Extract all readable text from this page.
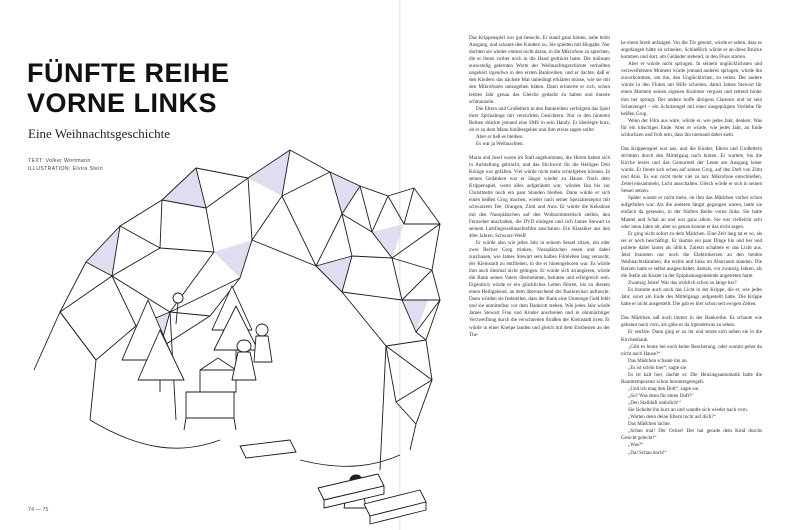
FÜNFTE REIHE
VORNE LINKS

Eine Weihnachtsgeschichte

TEXT: Volker Wortmann
ILLUSTRATION: Elvira Stein

Das Krippenspiel war gut besucht. Er stand ganz hinten, nahe beim Ausgang, und schaute den Kindern zu. Sie spielten mit Hingabe. Nur dachten sie wieder einmal nicht daran, in die Mikrofone zu sprechen, die er ihnen vorher noch in die Hand gedrückt hatte. Die mühsam auswendig gelernten Worte der Weihnachtsgeschichte verhallten ungehört irgendwo in den ersten Bankreihen, und er dachte, daß er den Kindern das nächste Mal unbedingt erklären müsse, wie sie mit den Mikrofonen umzugehen hätten. Dann erinnerte er sich, schon letztes Jahr genau das Gleiche gedacht zu haben und musste schmunzeln.

Die Eltern und Großeltern in den Bankreihen verfolgten das Spiel ihrer Sprösslinge mit verzückten Gesichtern. Nur in den hinteren Reihen drückte jemand eine SMS in sein Handy. Er überlegte kurz, ob er zu dem Mann hinübergehen und ihm etwas sagen sollte.

Aber er ließ es bleiben.

Es war ja Weihnachten.

Maria und Josef waren im Stall angekommen, die Hirten hatten sich in Aufstellung gebracht, und das Stichwort für die Heiligen Drei Könige war gefallen. Viel würde nicht mehr schiefgehen können. In seinen Gedanken war er längst wieder zu Hause. Nach dem Krippenspiel, wenn alles aufgeräumt war, würden Ilsa bis zur Christmette noch ein paar Stunden bleiben. Dann würde er sich einen heißen Grog machen, wieder nach seiner Spezialrezeptur mit schwarzem Tee, Orangen, Zimt und Anis. Er würde die Keksdose mit den Nussplätzchen auf den Wohnzimmertisch stellen, den Fernseher anschalten, die DVD einlegen und sich James Stewart in seinem Lieblingsweihnachtsfilm anschauen. Ein Klassiker aus den 40er Jahren. Schwarz-Weiß!

Er würde also wie jedes Jahr in seinem Sessel sitzen, ein oder zwei Becher Grog trinken, Nussplätzchen essen und dabei zuschauen, wie James Stewart sein halbes Filmleben lang versucht, der Kleinstadt zu entfliehen, in die er hineingeboren war. Es würde ihm auch diesmal nicht gelingen. Er würde sich arrangieren, würde die Bank seines Vaters übernehmen, heiraten und erfolgreich sein. Eigentlich würde er ein glückliches Leben führen, bis zu diesem einen Heiligabend, an dem überraschend der Bankrevisor auftaucht. Dann würden sie feststellen, dass der Bank eine Unmenge Geld fehlt und sie unmittelbar vor dem Bankrott stehen. Wie jedes Jahr würde James Stewart Frau und Kinder anschreien und in ohnmächtiger Verzweiflung durch die verschneiten Straßen der Kleinstadt irren. Er würde in einer Kneipe landen und gleich mit dem Erstbesten an der The-

ke einen Streit anfangen. Vor die Tür gesetzt, würde er sehen, dass es angefangen hätte zu schneien. Schließlich würde er an diese Brücke kommen und dort, am Geländer stehend, in den Fluss starren.

Aber er würde nicht springen. In seinem unglücklichsten und verzweifeltsten Moment würde jemand anderes springen, würde ihn zuvorkommen, um ihn, den Unglücklichen, zu retten. Der andere würde in den Fluten um Hilfe schreien, damit James Stewart für einen Moment seinen eigenen Kummer vergisst und rettend hinter ihm her springt. Der andere hoffe übrigens Clarence und ist sein Schutzengel – ein Schutzengel mit einer ausgeprägten Vorliebe für heißen Grog.

Wenn der Film aus wäre, würde er, wie jedes Jahr, denken: Was für ein kitschiges Ende. Aber er würde, wie jedes Jahr, an Ende schluchzen und froh sein, dass ihn niemand dabei sieht.

Das Krippenspiel war aus, und die Kinder, Eltern und Großeltern strömten durch den Mittelgang nach hinten. Er wartete, bis die Kirche leerer und das Gemurmel der Leute am Ausgang leiser wurde. Er freute sich schon auf seinen Grog, auf den Duft von Zimt und Anis. Es war nicht mehr viel zu tun: Mikrofone einschließen, Zettel einsammeln, Licht ausschalten. Gleich würde er sich in seinen Sessel setzen.

Später wusste er nicht mehr, ob ihm das Mädchen vorher schon aufgefallen war. Als die anderen längst gegangen waren, hatte sie einfach da gesessen, in der fünften Reihe vorne links. Sie hatte Mantel und Schal an und war ganz allein. Sie war vielleicht acht oder neun Jahre alt, aber so genau konnte er das nicht sagen.

Er ging nicht sofort zu dem Mädchen. Eine Zeit lang tat er so, als sei er noch beschäftigt. Er räumte ein paar Dinge hin und her und polierte dabei lauter als üblich. Zuletzt schaltete er das Licht aus. Jetzt brannten nur noch die Elektrokerzen an den beiden Weihnachtsbäumen, die rechts und links im Altarraum standen. Die Kerzen hatte er selbst ausgeschaltet, damals, vor zwanzig Jahren, als die Stelle als Küster in der Epiphaniasgemeinde angetreten hatte.

Zwanzig Jahre! War das wirklich schon so lange her?

Es brannte auch noch das Licht in der Krippe, die er, wie jedes Jahr, sonst am Ende des Mittelgangs aufgestellt hatte. Die Krippe hatte er nicht ausgestellt. Die gab es hier schon seit ewigen Zeiten.

Das Mädchen saß noch immer in der Bankreihe. Es schaute wie gebannt nach vorn, als gäbe es da irgendetwas zu sehen.

Er seufzte. Dann ging er zu ihr und setzte sich neben sie in die Kirchenbank.

„Gibt es heute bei euch keine Bescherung, oder warum gehst du nicht nach Hause?“

Das Mädchen schaute ihn an.

„Es ist schön hier“, sagte sie.

Es ist kalt hier, dachte er. Die Heizungsautomatik hatte die Raumtemperatur schon heruntergeregelt.

„Und ich mag den Duft“, sagte sie.

„So? Was denn für einen Duft?“

„Den Stallduft natürlich!“

Sie lächelte ihn kurz an und wandte sich wieder nach vorn.

„Warten denn deine Eltern nicht auf dich?“

Das Mädchen lachte.

„Schau mal! Der Ochse! Der hat gerade dem Kind durchs Gesicht geleckt!“

„Was?“

„Da! Schau doch!“

74 — 75
